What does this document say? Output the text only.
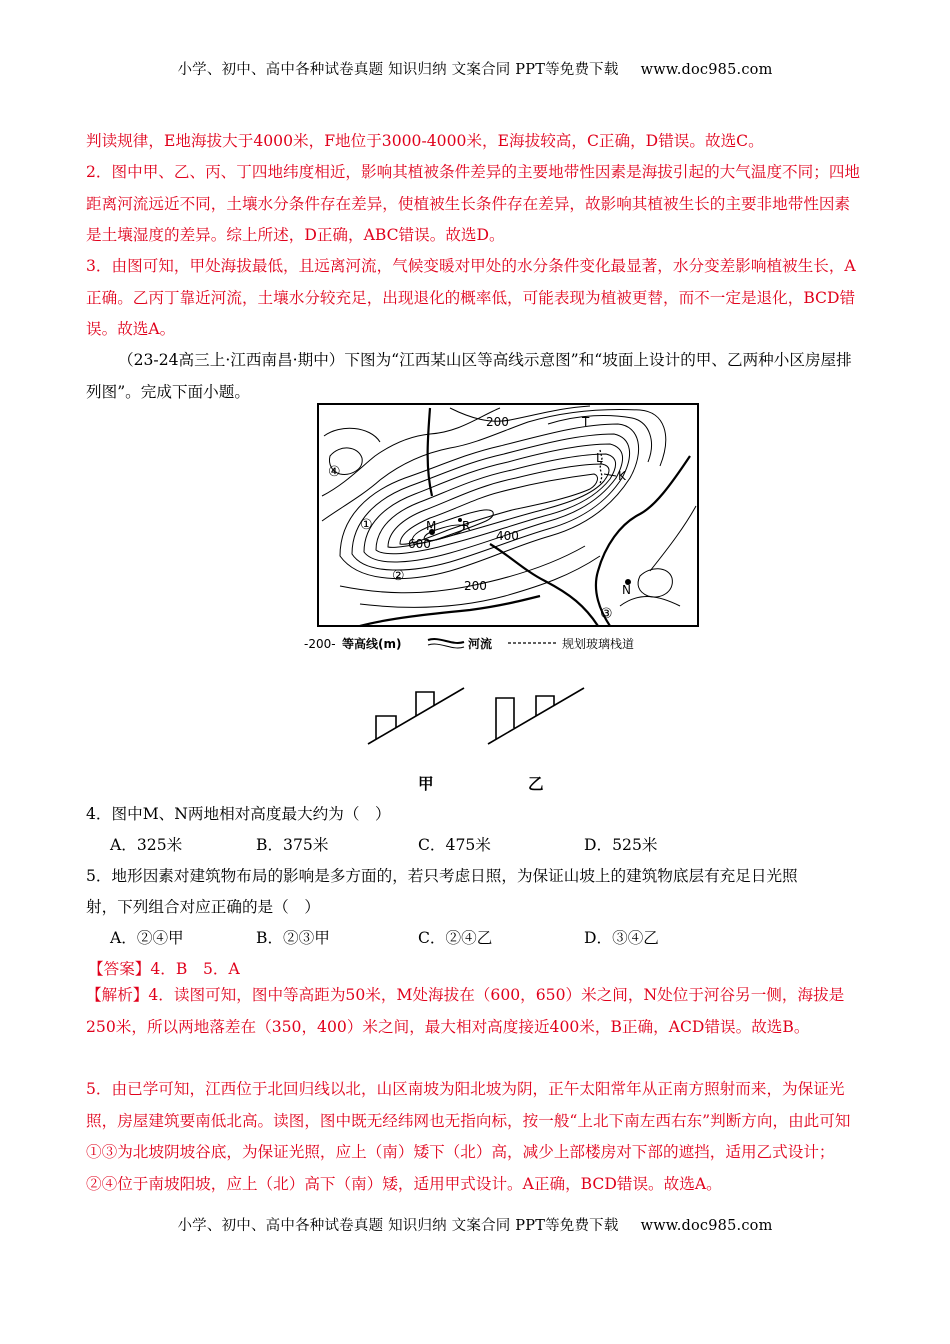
小学、初中、高中各种试卷真题 知识归纳 文案合同 PPT等免费下载 www.doc985.com
判读规律，E地海拔大于4000米，F地位于3000-4000米，E海拔较高，C正确，D错误。故选C。
2．图中甲、乙、丙、丁四地纬度相近，影响其植被条件差异的主要地带性因素是海拔引起的大气温度不同；四地距离河流远近不同，土壤水分条件存在差异，使植被生长条件存在差异，故影响其植被生长的主要非地带性因素是土壤湿度的差异。综上所述，D正确，ABC错误。故选D。
3．由图可知，甲处海拔最低，且远离河流，气候变暖对甲处的水分条件变化最显著，水分变差影响植被生长，A正确。乙丙丁靠近河流，土壤水分较充足，出现退化的概率低，可能表现为植被更替，而不一定是退化，BCD错误。故选A。
（23-24高三上·江西南昌·期中）下图为“江西某山区等高线示意图”和“坡面上设计的甲、乙两种小区房屋排列图”。完成下面小题。
④
①
②
③
M R
N
T
L
K
200
200
400
600
-200- 等高线(m)	河流	规划玻璃栈道
甲	乙
4．图中M、N两地相对高度最大约为（　）
A．325米	B．375米	C．475米	D．525米
5．地形因素对建筑物布局的影响是多方面的，若只考虑日照，为保证山坡上的建筑物底层有充足日光照
射，下列组合对应正确的是（　）
A．②④甲	B．②③甲	C．②④乙	D．③④乙
【答案】4．B　5．A
【解析】4．读图可知，图中等高距为50米，M处海拔在（600，650）米之间，N处位于河谷另一侧，海拔是250米，所以两地落差在（350，400）米之间，最大相对高度接近400米，B正确，ACD错误。故选B。
5．由已学可知，江西位于北回归线以北，山区南坡为阳北坡为阴，正午太阳常年从正南方照射而来，为保证光照，房屋建筑要南低北高。读图，图中既无经纬网也无指向标，按一般“上北下南左西右东”判断方向，由此可知①③为北坡阴坡谷底，为保证光照，应上（南）矮下（北）高，减少上部楼房对下部的遮挡，适用乙式设计；②④位于南坡阳坡，应上（北）高下（南）矮，适用甲式设计。A正确，BCD错误。故选A。
小学、初中、高中各种试卷真题 知识归纳 文案合同 PPT等免费下载 www.doc985.com
